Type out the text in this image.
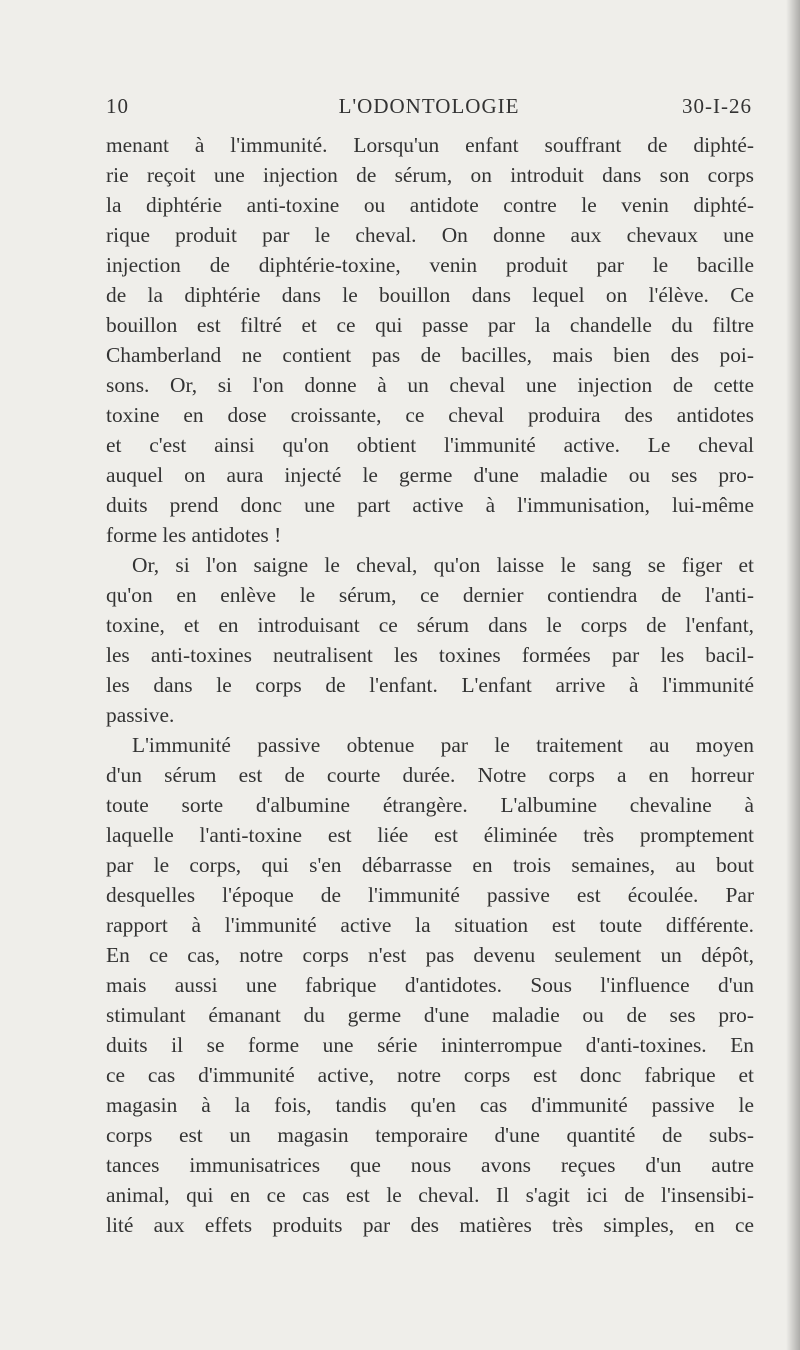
10	L'ODONTOLOGIE	30-I-26
menant à l'immunité. Lorsqu'un enfant souffrant de diphté-
rie reçoit une injection de sérum, on introduit dans son corps
la diphtérie anti-toxine ou antidote contre le venin diphté-
rique produit par le cheval. On donne aux chevaux une
injection de diphtérie-toxine, venin produit par le bacille
de la diphtérie dans le bouillon dans lequel on l'élève. Ce
bouillon est filtré et ce qui passe par la chandelle du filtre
Chamberland ne contient pas de bacilles, mais bien des poi-
sons. Or, si l'on donne à un cheval une injection de cette
toxine en dose croissante, ce cheval produira des antidotes
et c'est ainsi qu'on obtient l'immunité active. Le cheval
auquel on aura injecté le germe d'une maladie ou ses pro-
duits prend donc une part active à l'immunisation, lui-même
forme les antidotes !
Or, si l'on saigne le cheval, qu'on laisse le sang se figer et
qu'on en enlève le sérum, ce dernier contiendra de l'anti-
toxine, et en introduisant ce sérum dans le corps de l'enfant,
les anti-toxines neutralisent les toxines formées par les bacil-
les dans le corps de l'enfant. L'enfant arrive à l'immunité
passive.
L'immunité passive obtenue par le traitement au moyen
d'un sérum est de courte durée. Notre corps a en horreur
toute sorte d'albumine étrangère. L'albumine chevaline à
laquelle l'anti-toxine est liée est éliminée très promptement
par le corps, qui s'en débarrasse en trois semaines, au bout
desquelles l'époque de l'immunité passive est écoulée. Par
rapport à l'immunité active la situation est toute différente.
En ce cas, notre corps n'est pas devenu seulement un dépôt,
mais aussi une fabrique d'antidotes. Sous l'influence d'un
stimulant émanant du germe d'une maladie ou de ses pro-
duits il se forme une série ininterrompue d'anti-toxines. En
ce cas d'immunité active, notre corps est donc fabrique et
magasin à la fois, tandis qu'en cas d'immunité passive le
corps est un magasin temporaire d'une quantité de subs-
tances immunisatrices que nous avons reçues d'un autre
animal, qui en ce cas est le cheval. Il s'agit ici de l'insensibi-
lité aux effets produits par des matières très simples, en ce
